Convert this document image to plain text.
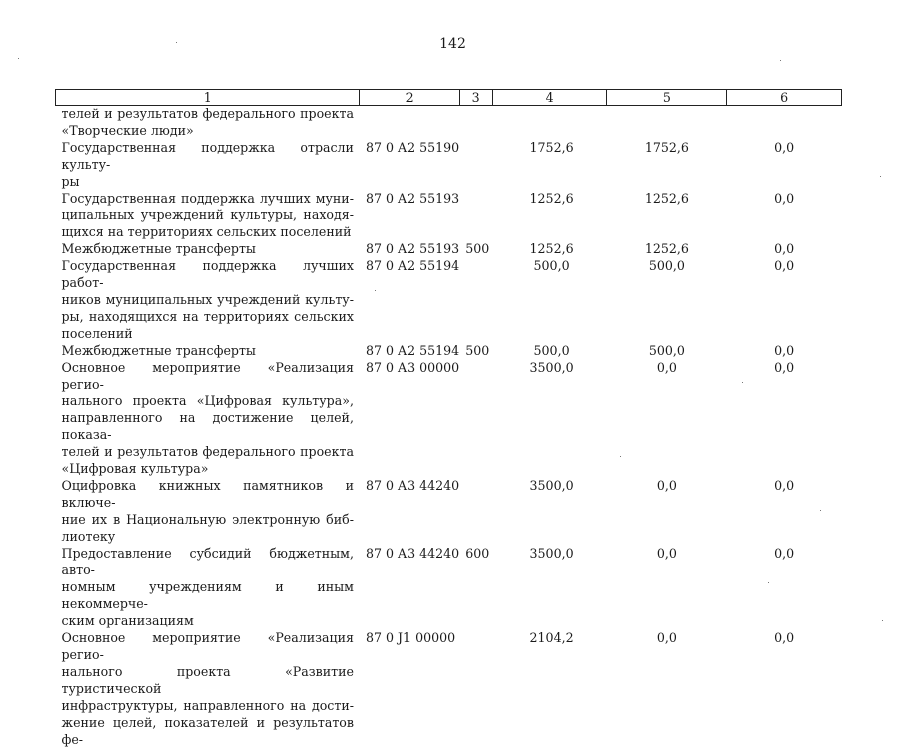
142
1	2	3	4	5	6

телей и результатов федерального проекта
«Творческие люди»					

Государственная поддержка отрасли культу-
ры	87 0 A2 55190		1752,6	1752,6	0,0

Государственная поддержка лучших муни-
ципальных учреждений культуры, находя-
щихся на территориях сельских поселений	87 0 A2 55193		1252,6	1252,6	0,0

Межбюджетные трансферты	87 0 A2 55193	500	1252,6	1252,6	0,0

Государственная поддержка лучших работ-
ников муниципальных учреждений культу-
ры, находящихся на территориях сельских
поселений	87 0 A2 55194		500,0	500,0	0,0

Межбюджетные трансферты	87 0 A2 55194	500	500,0	500,0	0,0

Основное мероприятие «Реализация регио-
нального проекта «Цифровая культура»,
направленного на достижение целей, показа-
телей и результатов федерального проекта
«Цифровая культура»	87 0 A3 00000		3500,0	0,0	0,0

Оцифровка книжных памятников и включе-
ние их в Национальную электронную биб-
лиотеку	87 0 A3 44240		3500,0	0,0	0,0

Предоставление субсидий бюджетным, авто-
номным учреждениям и иным некоммерче-
ским организациям	87 0 A3 44240	600	3500,0	0,0	0,0

Основное мероприятие «Реализация регио-
нального проекта «Развитие туристической
инфраструктуры, направленного на дости-
жение целей, показателей и результатов фе-	87 0 J1 00000		2104,2	0,0	0,0
